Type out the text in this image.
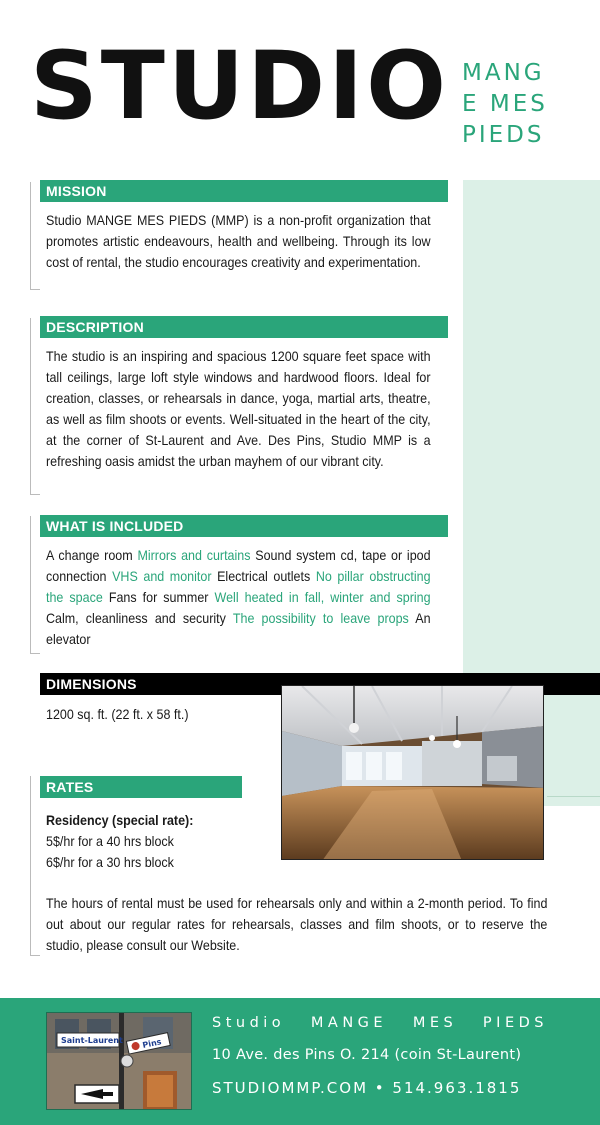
STUDIO MANG
E MES
PIEDS
MISSION
Studio MANGE MES PIEDS (MMP) is a non-profit organization that promotes artistic endeavours, health and wellbeing. Through its low cost of rental, the studio encourages creativity and experimentation.
DESCRIPTION
The studio is an inspiring and spacious 1200 square feet space with tall ceilings, large loft style windows and hardwood floors. Ideal for creation, classes, or rehearsals in dance, yoga, martial arts, theatre, as well as film shoots or events. Well-situated in the heart of the city, at the corner of St-Laurent and Ave. Des Pins, Studio MMP is a refreshing oasis amidst the urban mayhem of our vibrant city.
WHAT IS INCLUDED
A change room Mirrors and curtains Sound system cd, tape or ipod connection VHS and monitor Electrical outlets No pillar obstructing the space Fans for summer Well heated in fall, winter and spring Calm, cleanliness and security The possibility to leave props An elevator
DIMENSIONS
1200 sq. ft. (22 ft. x 58 ft.)
RATES
Residency (special rate):
5$/hr for a 40 hrs block
6$/hr for a 30 hrs block
The hours of rental must be used for rehearsals only and within a 2-month period. To find out about our regular rates for rehearsals, classes and film shoots, or to reserve the studio, please consult our Website.
Saint-Laurent Pins
Studio MANGE MES PIEDS
10 Ave. des Pins O. 214 (coin St-Laurent)
STUDIOMMP.COM • 514.963.1815
